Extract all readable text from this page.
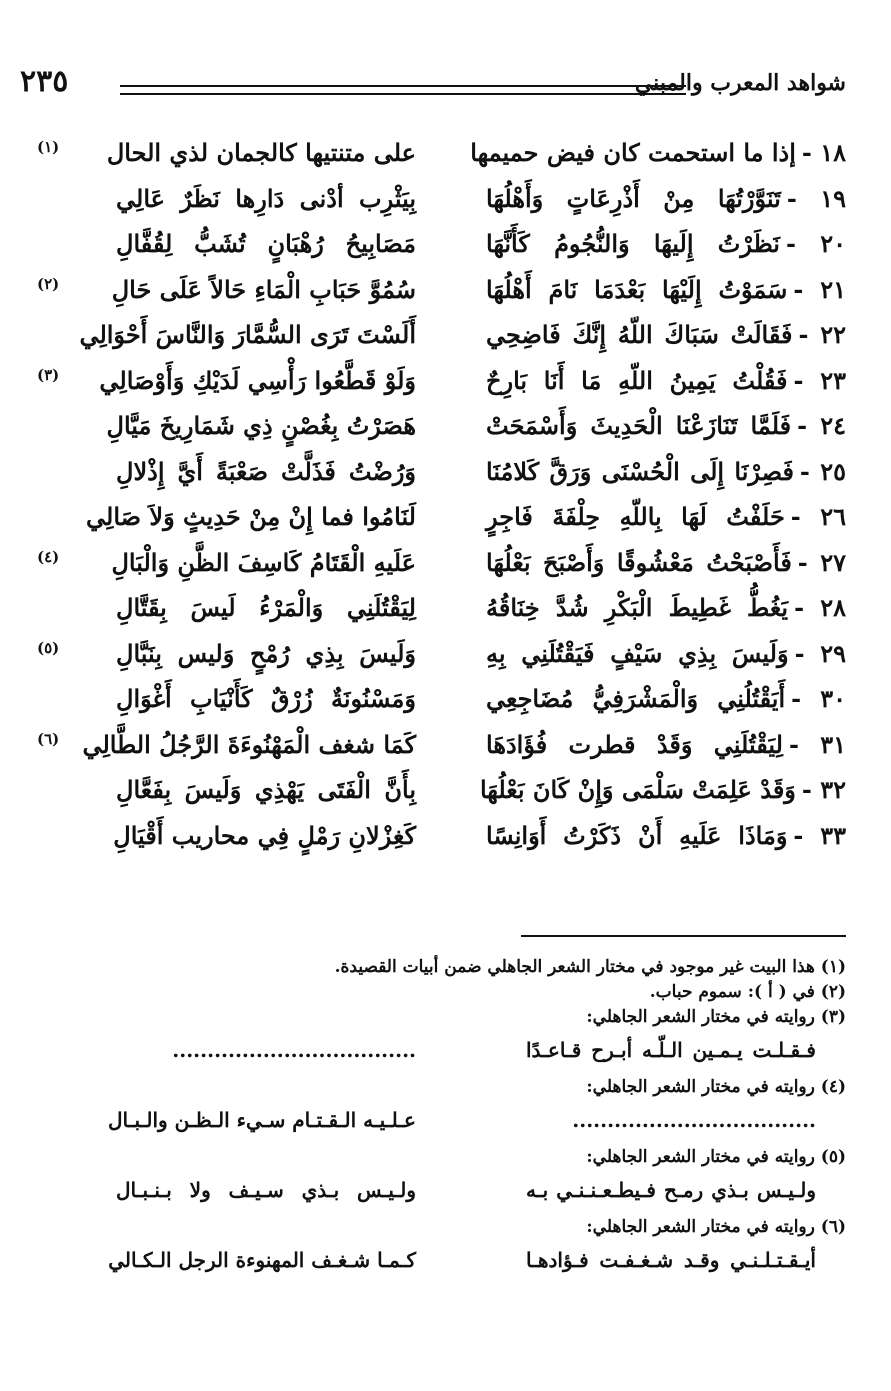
شواهد المعرب والمبني
٢٣٥
١٨ -إذا ما استحمت كان فيض حميمها
على متنتيها كالجمان لذي الحال
(١)
١٩ -تَنَوَّرْتُهَا مِنْ أَذْرِعَاتٍ وَأَهْلُهَا
بِيَثْرِب أدْنى دَارِها نَظَرٌ عَالِي
٢٠ -نَظَرْتُ إِلَيهَا وَالنُّجُومُ كَأَنَّهَا
مَصَابِيحُ رُهْبَانٍ تُشَبُّ لِقُفَّالِ
٢١ -سَمَوْتُ إِلَيْهَا بَعْدَمَا نَامَ أَهْلُهَا
سُمُوَّ حَبَابِ الْمَاءِ حَالاً عَلَى حَالِ
(٢)
٢٢ -فَقَالَتْ سَبَاكَ اللّهُ إِنَّكَ فَاضِحِي
أَلَسْتَ تَرَى السُّمَّارَ وَالنَّاسَ أَحْوَالِي
٢٣ -فَقُلْتُ يَمِينُ اللّهِ مَا أَنَا بَارِحٌ
وَلَوْ قَطَّعُوا رَأْسِي لَدَيْكِ وَأَوْصَالِي
(٣)
٢٤ -فَلَمَّا تَنَازَعْنَا الْحَدِيثَ وَأَسْمَحَتْ
هَصَرْتُ بِغُصْنٍ ذِي شَمَارِيخَ مَيَّالِ
٢٥ -فَصِرْنَا إِلَى الْحُسْنَى وَرَقَّ كَلامُنَا
وَرُضْتُ فَذَلَّتْ صَعْبَةً أَيَّ إِذْلالِ
٢٦ -حَلَفْتُ لَهَا بِاللّهِ حِلْفَةَ فَاجِرٍ
لَنَامُوا فما إِنْ مِنْ حَدِيثٍ وَلاَ صَالِي
٢٧ -فَأَصْبَحْتُ مَعْشُوقًا وَأَصْبَحَ بَعْلُهَا
عَلَيهِ الْقَتَامُ كَاسِفَ الظَّنِ وَالْبَالِ
(٤)
٢٨ -يَغُطُّ غَطِيطَ الْبَكْرِ شُدَّ خِنَاقُهُ
لِيَقْتُلَنِي وَالْمَرْءُ لَيسَ بِقَتَّالِ
٢٩ -وَلَيسَ بِذِي سَيْفٍ فَيَقْتُلَنِي بِهِ
وَلَيسَ بِذِي رُمْحٍ وَليس بِنَبَّالِ
(٥)
٣٠ -أَيَقْتُلُنِي وَالْمَشْرَفِيُّ مُضَاجِعِي
وَمَسْنُونَةٌ زُرْقٌ كَأَنْيَابِ أَغْوَالِ
٣١ -لِيَقْتُلَنِي وَقَدْ قطرت فُؤَادَهَا
كَمَا شغف الْمَهْنُوءَةَ الرَّجُلُ الطَّالِي
(٦)
٣٢ -وَقَدْ عَلِمَتْ سَلْمَى وَإِنْ كَانَ بَعْلُهَا
بِأَنَّ الْفَتَى يَهْذِي وَلَيسَ بِفَعَّالِ
٣٣ -وَمَاذَا عَلَيهِ أَنْ ذَكَرْتُ أَوَانِسًا
كَغِزْلانِ رَمْلٍ فِي محاريب أَقْيَالِ
(١) هذا البيت غير موجود في مختار الشعر الجاهلي ضمن أبيات القصيدة.
(٢) في ( أ ): سموم حباب.
(٣) روايته في مختار الشعر الجاهلي:
فـقـلـت يـمـين الـلّـه أبـرح قـاعـدًا
...................................
(٤) روايته في مختار الشعر الجاهلي:
...................................
عـلـيـه الـقـتـام سـيء الـظـن والـبـال
(٥) روايته في مختار الشعر الجاهلي:
ولـيـس بـذي رمـح فـيطـعـنـنـي بـه
ولـيـس بـذي سـيـف ولا بـنـبـال
(٦) روايته في مختار الشعر الجاهلي:
أيـقـتـلـنـي وقـد شـغـفـت فـؤادهـا
كـمـا شـغـف المهنوءة الرجل الـكـالي
